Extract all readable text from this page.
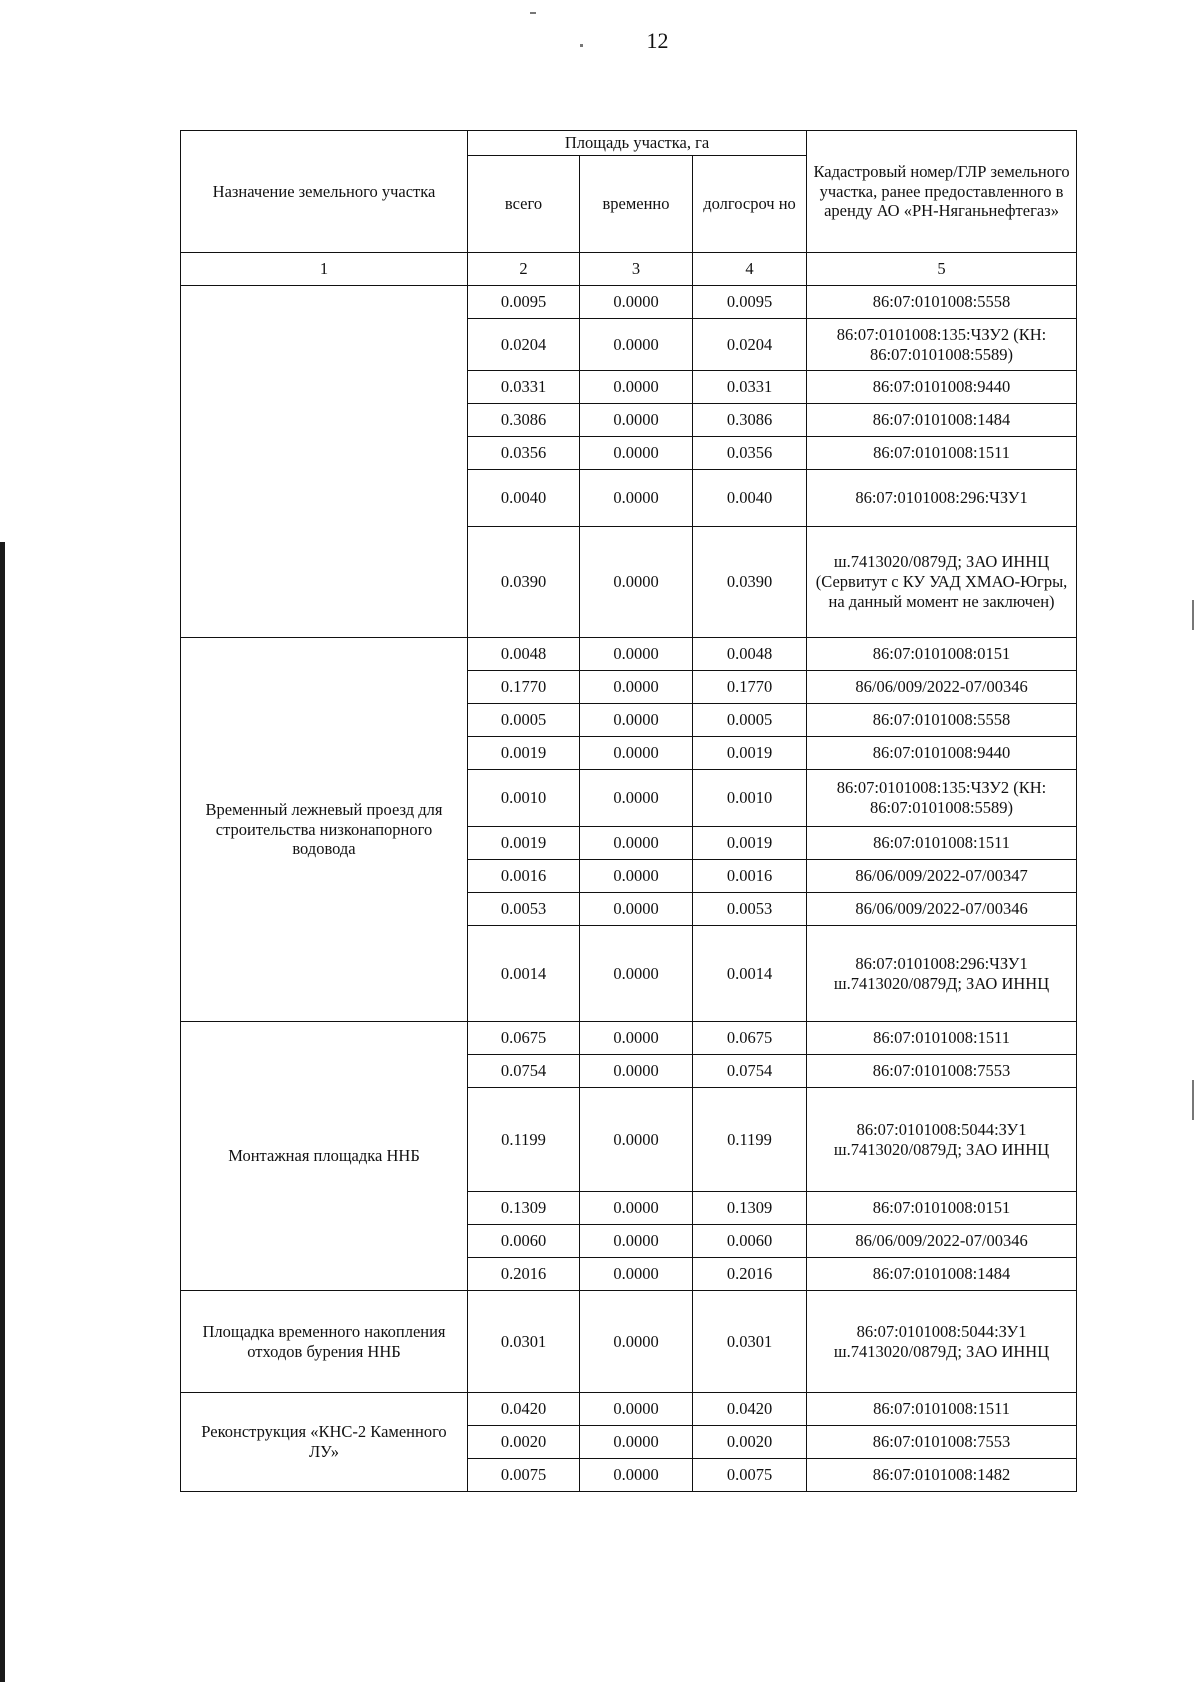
12
Назначение земельного участка	Площадь участка, га			Кадастровый номер/ГЛР земельного участка, ранее предоставленного в аренду АО «РН-Няганьнефтегаз»
	всего	временно	долгосроч но	
1	2	3	4	5
	0.0095	0.0000	0.0095	86:07:0101008:5558
	0.0204	0.0000	0.0204	86:07:0101008:135:ЧЗУ2 (КН: 86:07:0101008:5589)
	0.0331	0.0000	0.0331	86:07:0101008:9440
	0.3086	0.0000	0.3086	86:07:0101008:1484
	0.0356	0.0000	0.0356	86:07:0101008:1511
	0.0040	0.0000	0.0040	86:07:0101008:296:ЧЗУ1
	0.0390	0.0000	0.0390	ш.7413020/0879Д; ЗАО ИННЦ (Сервитут с КУ УАД ХМАО-Югры, на данный момент не заключен)
Временный лежневый проезд для строительства низконапорного водовода	0.0048	0.0000	0.0048	86:07:0101008:0151
	0.1770	0.0000	0.1770	86/06/009/2022-07/00346
	0.0005	0.0000	0.0005	86:07:0101008:5558
	0.0019	0.0000	0.0019	86:07:0101008:9440
	0.0010	0.0000	0.0010	86:07:0101008:135:ЧЗУ2 (КН: 86:07:0101008:5589)
	0.0019	0.0000	0.0019	86:07:0101008:1511
	0.0016	0.0000	0.0016	86/06/009/2022-07/00347
	0.0053	0.0000	0.0053	86/06/009/2022-07/00346
	0.0014	0.0000	0.0014	86:07:0101008:296:ЧЗУ1 ш.7413020/0879Д; ЗАО ИННЦ
Монтажная площадка ННБ	0.0675	0.0000	0.0675	86:07:0101008:1511
	0.0754	0.0000	0.0754	86:07:0101008:7553
	0.1199	0.0000	0.1199	86:07:0101008:5044:ЗУ1 ш.7413020/0879Д; ЗАО ИННЦ
	0.1309	0.0000	0.1309	86:07:0101008:0151
	0.0060	0.0000	0.0060	86/06/009/2022-07/00346
	0.2016	0.0000	0.2016	86:07:0101008:1484
Площадка временного накопления отходов бурения ННБ	0.0301	0.0000	0.0301	86:07:0101008:5044:ЗУ1 ш.7413020/0879Д; ЗАО ИННЦ
Реконструкция «КНС-2 Каменного ЛУ»	0.0420	0.0000	0.0420	86:07:0101008:1511
	0.0020	0.0000	0.0020	86:07:0101008:7553
	0.0075	0.0000	0.0075	86:07:0101008:1482
